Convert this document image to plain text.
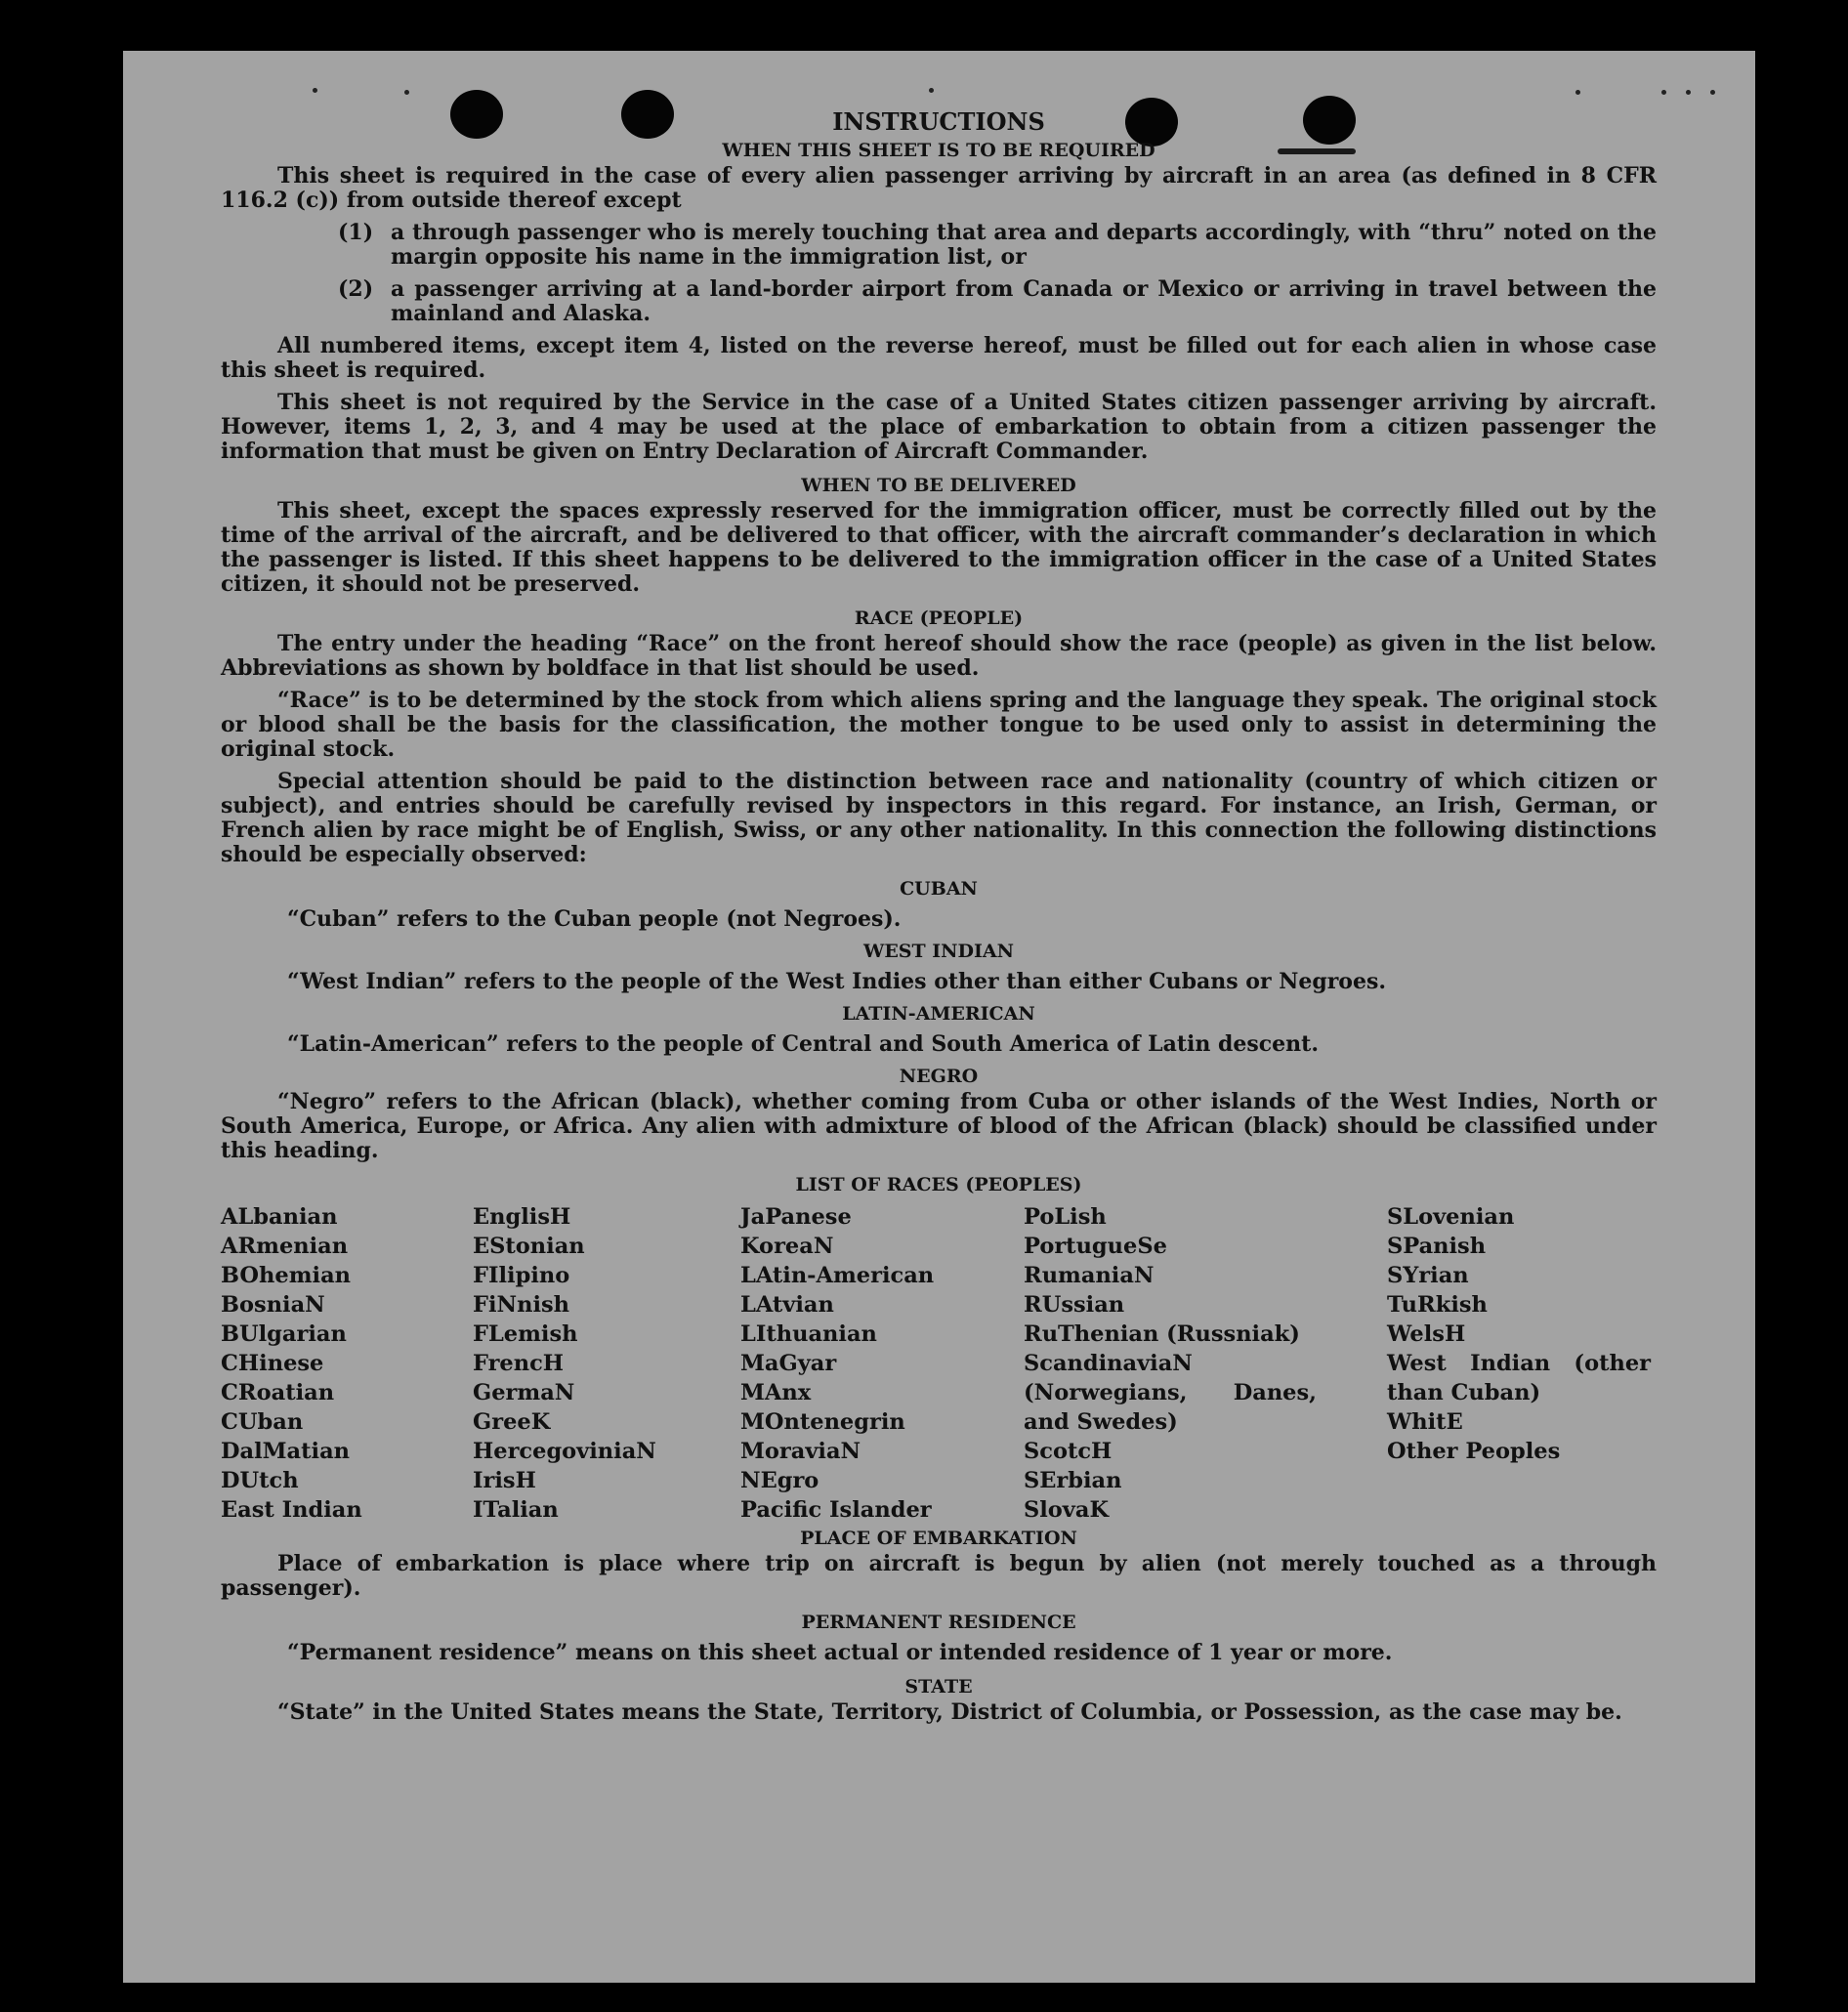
INSTRUCTIONS
WHEN THIS SHEET IS TO BE REQUIRED

This sheet is required in the case of every alien passenger arriving by aircraft in an area (as defined in 8 CFR 116.2 (c)) from outside thereof except

(1) a through passenger who is merely touching that area and departs accordingly, with “thru” noted on the margin opposite his name in the immigration list, or
(2) a passenger arriving at a land-border airport from Canada or Mexico or arriving in travel between the mainland and Alaska.

All numbered items, except item 4, listed on the reverse hereof, must be filled out for each alien in whose case this sheet is required.

This sheet is not required by the Service in the case of a United States citizen passenger arriving by aircraft. However, items 1, 2, 3, and 4 may be used at the place of embarkation to obtain from a citizen passenger the information that must be given on Entry Declaration of Aircraft Commander.

WHEN TO BE DELIVERED

This sheet, except the spaces expressly reserved for the immigration officer, must be correctly filled out by the time of the arrival of the aircraft, and be delivered to that officer, with the aircraft commander’s declaration in which the passenger is listed. If this sheet happens to be delivered to the immigration officer in the case of a United States citizen, it should not be preserved.

RACE (PEOPLE)

The entry under the heading “Race” on the front hereof should show the race (people) as given in the list below. Abbreviations as shown by boldface in that list should be used.

“Race” is to be determined by the stock from which aliens spring and the language they speak. The original stock or blood shall be the basis for the classification, the mother tongue to be used only to assist in determining the original stock.

Special attention should be paid to the distinction between race and nationality (country of which citizen or subject), and entries should be carefully revised by inspectors in this regard. For instance, an Irish, German, or French alien by race might be of English, Swiss, or any other nationality. In this connection the following distinctions should be especially observed:

CUBAN
“Cuban” refers to the Cuban people (not Negroes).
WEST INDIAN
“West Indian” refers to the people of the West Indies other than either Cubans or Negroes.
LATIN-AMERICAN
“Latin-American” refers to the people of Central and South America of Latin descent.
NEGRO

“Negro” refers to the African (black), whether coming from Cuba or other islands of the West Indies, North or South America, Europe, or Africa. Any alien with admixture of blood of the African (black) should be classified under this heading.

LIST OF RACES (PEOPLES)
ALbanian
ARmenian
BOhemian
BosniaN
BUlgarian
CHinese
CRoatian
CUban
DalMatian
DUtch
East Indian
EnglisH
EStonian
FIlipino
FiNnish
FLemish
FrencH
GermaN
GreeK
HercegoviniaN
IrisH
ITalian
JaPanese
KoreaN
LAtin-American
LAtvian
LIthuanian
MaGyar
MAnx
MOntenegrin
MoraviaN
NEgro
Pacific Islander
PoLish
PortugueSe
RumaniaN
RUssian
RuThenian (Russniak)
ScandinaviaN (Norwegians, Danes, and Swedes)
ScotcH
SErbian
SlovaK
SLovenian
SPanish
SYrian
TuRkish
WelsH
West Indian (other than Cuban)
WhitE
Other Peoples
PLACE OF EMBARKATION

Place of embarkation is place where trip on aircraft is begun by alien (not merely touched as a through passenger).

PERMANENT RESIDENCE
“Permanent residence” means on this sheet actual or intended residence of 1 year or more.
STATE

“State” in the United States means the State, Territory, District of Columbia, or Possession, as the case may be.
